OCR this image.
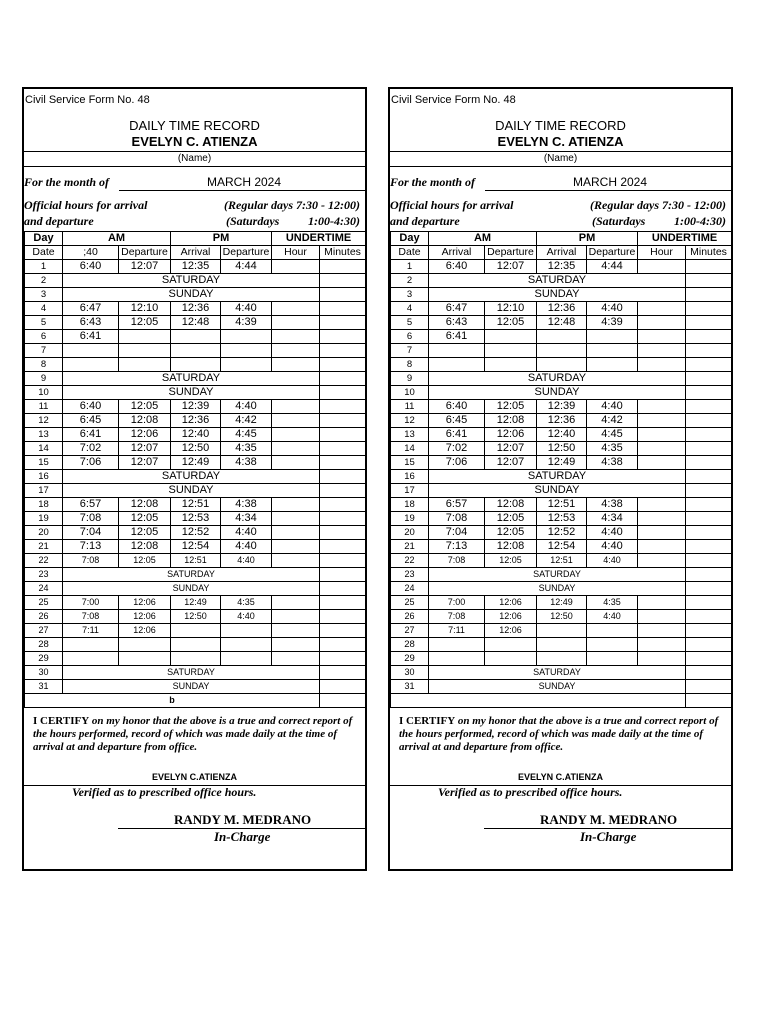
Civil Service Form No. 48
DAILY TIME RECORD
EVELYN C. ATIENZA
(Name)
For the month of	MARCH 2024
Official hours for arrival
and departure
(Regular days 7:30 - 12:00)
(Saturdays 1:00-4:30)
Day	AM		PM		UNDERTIME	
Date	;40	Departure	Arrival	Departure	Hour	Minutes
1	6:40	12:07	12:35	4:44		
2	SATURDAY					
3	SUNDAY					
4	6:47	12:10	12:36	4:40		
5	6:43	12:05	12:48	4:39		
6	6:41					
7						
8						
9	SATURDAY					
10	SUNDAY					
11	6:40	12:05	12:39	4:40		
12	6:45	12:08	12:36	4:42		
13	6:41	12:06	12:40	4:45		
14	7:02	12:07	12:50	4:35		
15	7:06	12:07	12:49	4:38		
16	SATURDAY					
17	SUNDAY					
18	6:57	12:08	12:51	4:38		
19	7:08	12:05	12:53	4:34		
20	7:04	12:05	12:52	4:40		
21	7:13	12:08	12:54	4:40		
22	7:08	12:05	12:51	4:40		
23	SATURDAY					
24	SUNDAY					
25	7:00	12:06	12:49	4:35		
26	7:08	12:06	12:50	4:40		
27	7:11	12:06				
28						
29						
30	SATURDAY					
31	SUNDAY					
b						
I CERTIFY on my honor that the above is a true and correct report of the hours performed, record of which was made daily at the time of arrival at and departure from office.
EVELYN C.ATIENZA
Verified as to prescribed office hours.
RANDY M. MEDRANO
In-Charge
Civil Service Form No. 48
DAILY TIME RECORD
EVELYN C. ATIENZA
(Name)
For the month of	MARCH 2024
Official hours for arrival
and departure
(Regular days 7:30 - 12:00)
(Saturdays 1:00-4:30)
Day	AM		PM		UNDERTIME	
Date	Arrival	Departure	Arrival	Departure	Hour	Minutes
1	6:40	12:07	12:35	4:44		
2	SATURDAY					
3	SUNDAY					
4	6:47	12:10	12:36	4:40		
5	6:43	12:05	12:48	4:39		
6	6:41					
7						
8						
9	SATURDAY					
10	SUNDAY					
11	6:40	12:05	12:39	4:40		
12	6:45	12:08	12:36	4:42		
13	6:41	12:06	12:40	4:45		
14	7:02	12:07	12:50	4:35		
15	7:06	12:07	12:49	4:38		
16	SATURDAY					
17	SUNDAY					
18	6:57	12:08	12:51	4:38		
19	7:08	12:05	12:53	4:34		
20	7:04	12:05	12:52	4:40		
21	7:13	12:08	12:54	4:40		
22	7:08	12:05	12:51	4:40		
23	SATURDAY					
24	SUNDAY					
25	7:00	12:06	12:49	4:35		
26	7:08	12:06	12:50	4:40		
27	7:11	12:06				
28						
29						
30	SATURDAY					
31	SUNDAY					

I CERTIFY on my honor that the above is a true and correct report of the hours performed, record of which was made daily at the time of arrival at and departure from office.
EVELYN C.ATIENZA
Verified as to prescribed office hours.
RANDY M. MEDRANO
In-Charge
